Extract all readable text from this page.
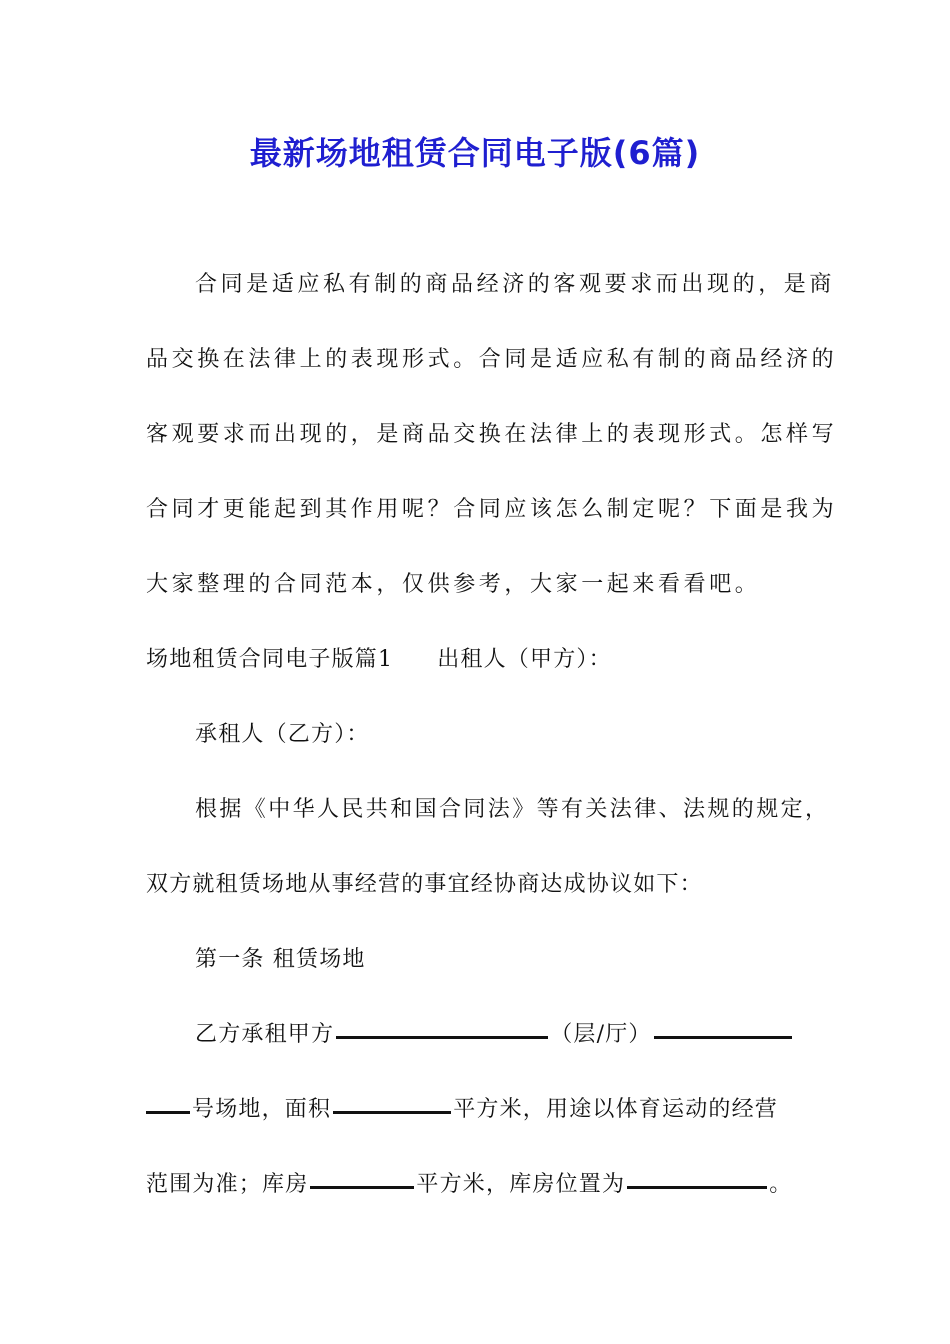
最新场地租赁合同电子版(6篇)
合同是适应私有制的商品经济的客观要求而出现的，是商
品交换在法律上的表现形式。合同是适应私有制的商品经济的
客观要求而出现的，是商品交换在法律上的表现形式。怎样写
合同才更能起到其作用呢？合同应该怎么制定呢？下面是我为
大家整理的合同范本，仅供参考，大家一起来看看吧。
场地租赁合同电子版篇1 出租人（甲方）：
承租人（乙方）：
根据《中华人民共和国合同法》等有关法律、法规的规定，
双方就租赁场地从事经营的事宜经协商达成协议如下：
第一条 租赁场地
乙方承租甲方	（层/厅）
号场地，面积	平方米，用途以体育运动的经营
范围为准；库房	平方米，库房位置为	。
